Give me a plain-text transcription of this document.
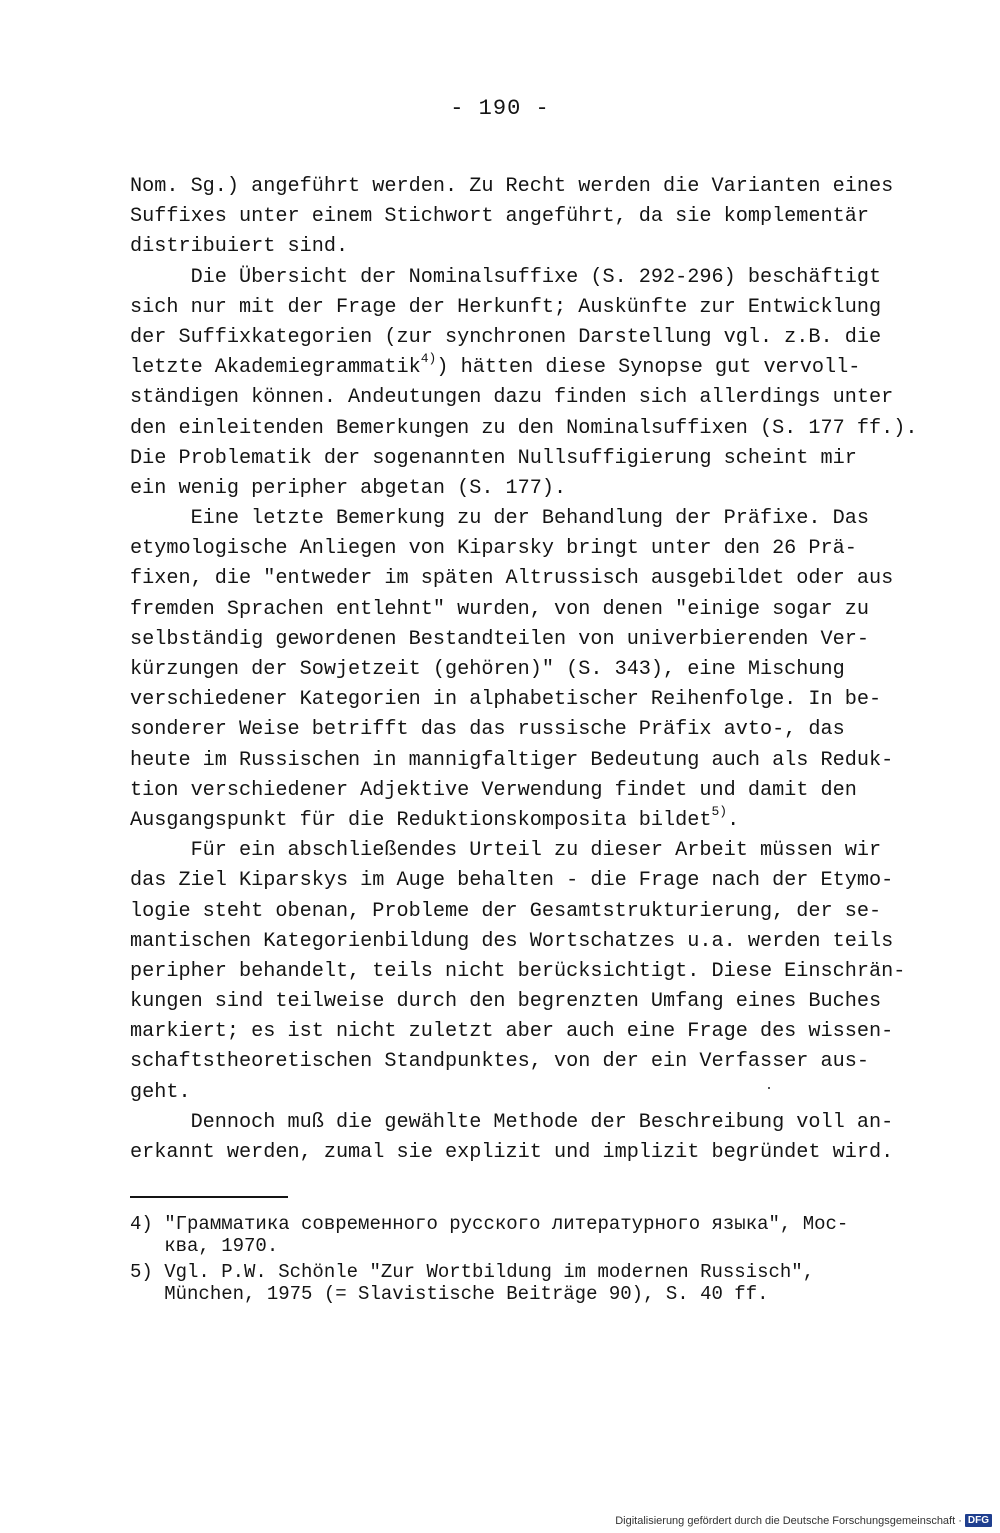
- 190 -
Nom. Sg.) angeführt werden. Zu Recht werden die Varianten eines
Suffixes unter einem Stichwort angeführt, da sie komplementär
distribuiert sind.
Die Übersicht der Nominalsuffixe (S. 292-296) beschäftigt
sich nur mit der Frage der Herkunft; Auskünfte zur Entwicklung
der Suffixkategorien (zur synchronen Darstellung vgl. z.B. die
letzte Akademiegrammatik$^{4)}$) hätten diese Synopse gut vervoll-
ständigen können. Andeutungen dazu finden sich allerdings unter
den einleitenden Bemerkungen zu den Nominalsuffixen (S. 177 ff.).
Die Problematik der sogenannten Nullsuffigierung scheint mir
ein wenig peripher abgetan (S. 177).
Eine letzte Bemerkung zu der Behandlung der Präfixe. Das
etymologische Anliegen von Kiparsky bringt unter den 26 Prä-
fixen, die "entweder im späten Altrussisch ausgebildet oder aus
fremden Sprachen entlehnt" wurden, von denen "einige sogar zu
selbständig gewordenen Bestandteilen von univerbierenden Ver-
kürzungen der Sowjetzeit (gehören)" (S. 343), eine Mischung
verschiedener Kategorien in alphabetischer Reihenfolge. In be-
sonderer Weise betrifft das das russische Präfix avto-, das
heute im Russischen in mannigfaltiger Bedeutung auch als Reduk-
tion verschiedener Adjektive Verwendung findet und damit den
Ausgangspunkt für die Reduktionskomposita bildet$^{5)}$.
Für ein abschließendes Urteil zu dieser Arbeit müssen wir
das Ziel Kiparskys im Auge behalten - die Frage nach der Etymo-
logie steht obenan, Probleme der Gesamtstrukturierung, der se-
mantischen Kategorienbildung des Wortschatzes u.a. werden teils
peripher behandelt, teils nicht berücksichtigt. Diese Einschrän-
kungen sind teilweise durch den begrenzten Umfang eines Buches
markiert; es ist nicht zuletzt aber auch eine Frage des wissen-
schaftstheoretischen Standpunktes, von der ein Verfasser aus-
geht.
Dennoch muß die gewählte Methode der Beschreibung voll an-
erkannt werden, zumal sie explizit und implizit begründet wird.
4) "Грамматика современного русского литературного языка", Мос-
ква, 1970.
5) Vgl. P.W. Schönle "Zur Wortbildung im modernen Russisch",
München, 1975 (= Slavistische Beiträge 90), S. 40 ff.
Digitalisierung gefördert durch die Deutsche Forschungsgemeinschaft · DFG
